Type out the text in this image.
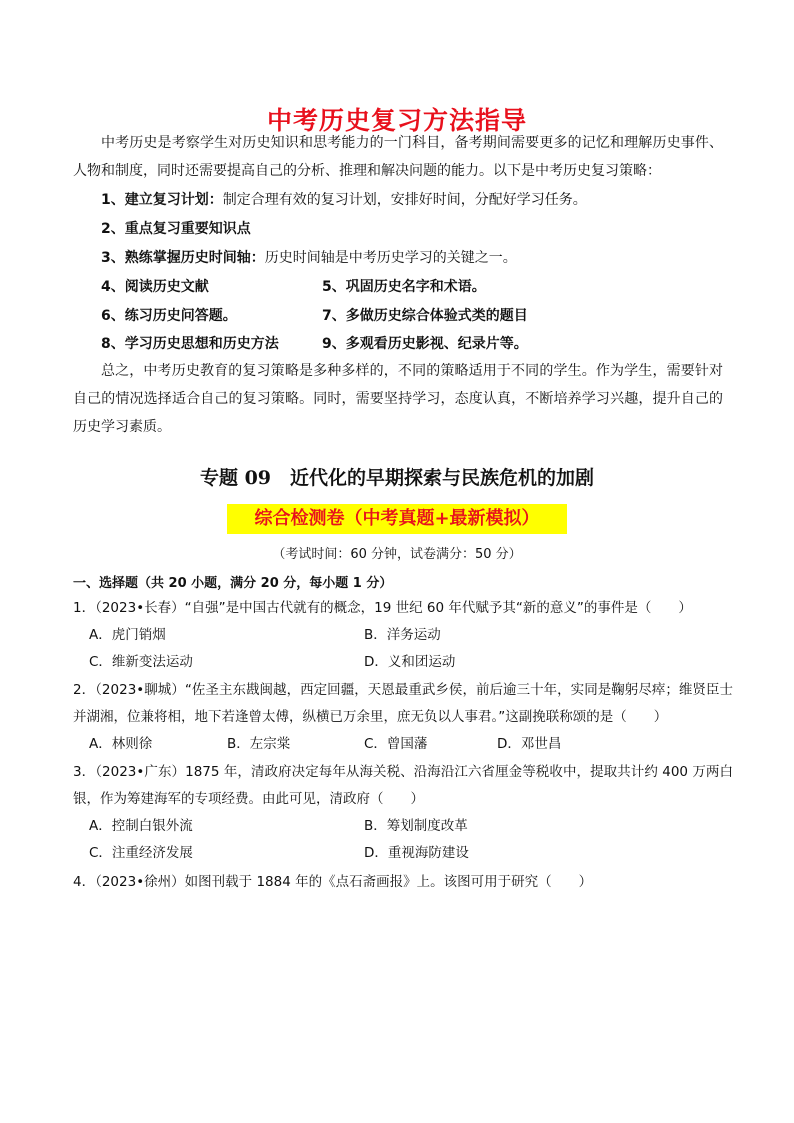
中考历史复习方法指导
中考历史是考察学生对历史知识和思考能力的一门科目，备考期间需要更多的记忆和理解历史事件、人物和制度，同时还需要提高自己的分析、推理和解决问题的能力。以下是中考历史复习策略：
1、建立复习计划：制定合理有效的复习计划，安排好时间，分配好学习任务。
2、重点复习重要知识点
3、熟练掌握历史时间轴：历史时间轴是中考历史学习的关键之一。
4、阅读历史文献	5、巩固历史名字和术语。
6、练习历史问答题。	7、多做历史综合体验式类的题目
8、学习历史思想和历史方法	9、多观看历史影视、纪录片等。
总之，中考历史教育的复习策略是多种多样的，不同的策略适用于不同的学生。作为学生，需要针对自己的情况选择适合自己的复习策略。同时，需要坚持学习，态度认真，不断培养学习兴趣，提升自己的历史学习素质。
专题 09　近代化的早期探索与民族危机的加剧
综合检测卷（中考真题+最新模拟）
（考试时间：60 分钟，试卷满分：50 分）
一、选择题（共 20 小题，满分 20 分，每小题 1 分）
1．（2023•长春）“自强”是中国古代就有的概念，19 世纪 60 年代赋予其“新的意义”的事件是（　　）
A．虎门销烟	B．洋务运动
C．维新变法运动	D．义和团运动
2．（2023•聊城）“佐圣主东戡闽越，西定回疆，天恩最重武乡侯，前后逾三十年，实同是鞠躬尽瘁；维贤臣士并湖湘，位兼将相，地下若逢曾太傅，纵横已万余里，庶无负以人事君。”这副挽联称颂的是（　　）
A．林则徐	B．左宗棠	C．曾国藩	D．邓世昌
3．（2023•广东）1875 年，清政府决定每年从海关税、沿海沿江六省厘金等税收中，提取共计约 400 万两白银，作为筹建海军的专项经费。由此可见，清政府（　　）
A．控制白银外流	B．筹划制度改革
C．注重经济发展	D．重视海防建设
4．（2023•徐州）如图刊载于 1884 年的《点石斋画报》上。该图可用于研究（　　）
